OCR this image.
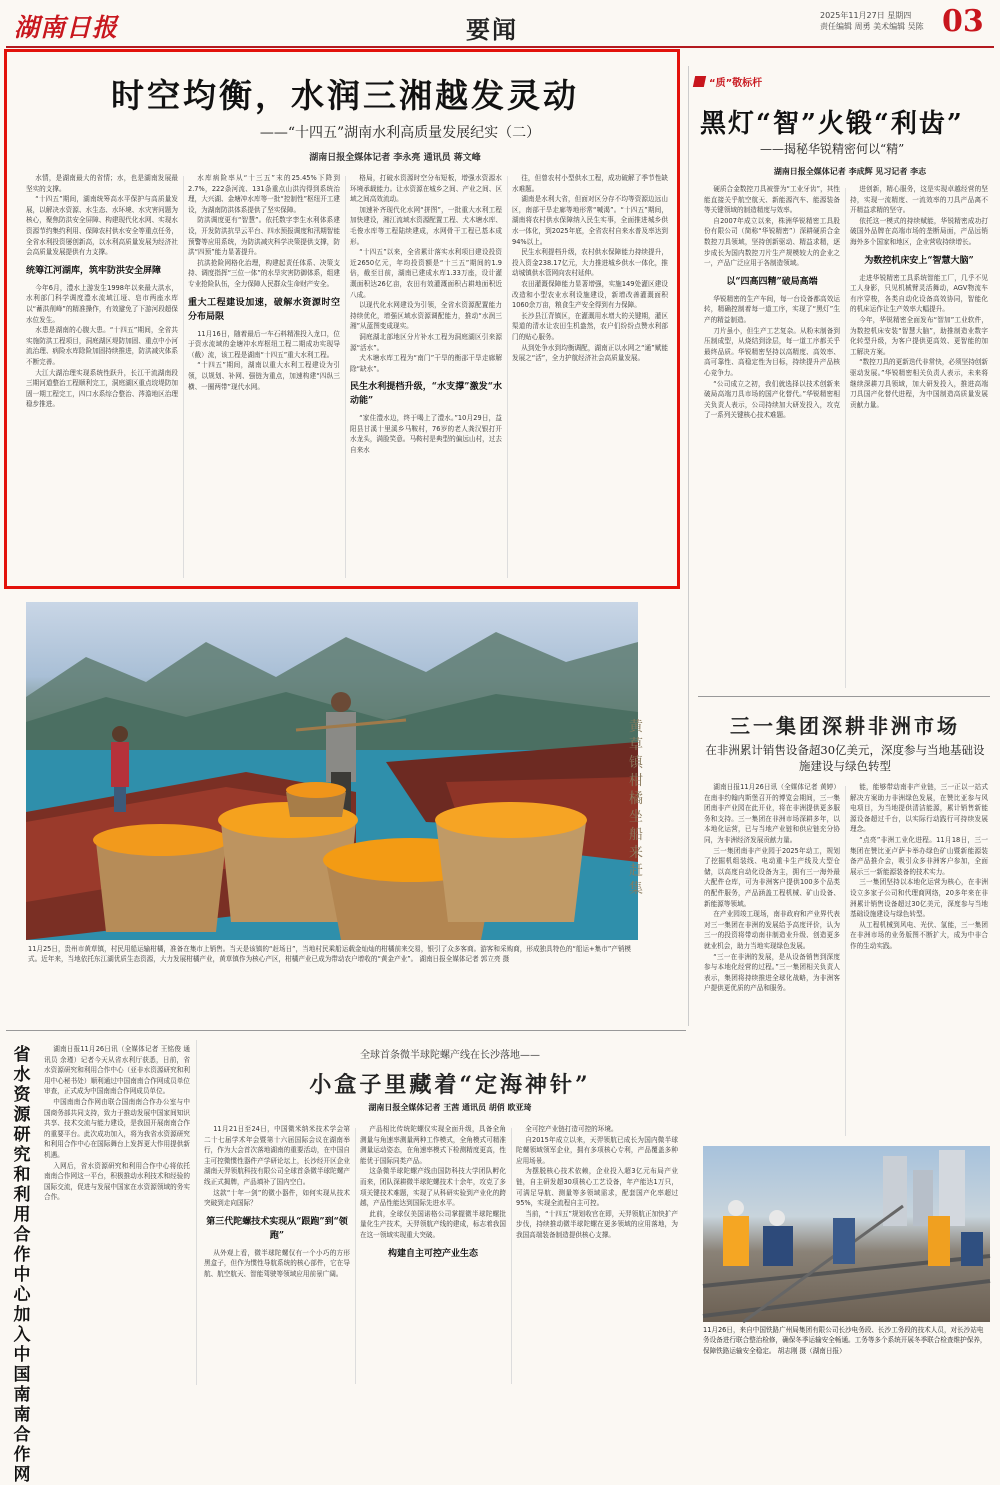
湖南日报	要闻	2025年11月27日 星期四
责任编辑 周勇 美术编辑 吴陈 03
时空均衡，水润三湘越发灵动
——“十四五”湖南水利高质量发展纪实（二）
湖南日报全媒体记者 李永亮 通讯员 蒋文峰

水情，是湖南最大的省情；水，也是湖南发展最坚实的支撑。

“十四五”期间，湖南统筹高水平保护与高质量发展，以解决水资源、水生态、水环境、水灾害问题为核心，聚焦防洪安全屏障、构建现代化水网、实现水资源节约集约利用、保障农村供水安全等重点任务，全省水利投资屡创新高，以水利高质量发展为经济社会高质量发展提供有力支撑。

统筹江河湖库，筑牢防洪安全屏障

今年6月，澧水上游发生1998年以来最大洪水，水利部门科学调度澧水流域江垭、皂市两座水库以“蓄洪削峰”的精准操作，有效避免了下游河段超保水位发生。

水患是湖南的心腹大患。“十四五”期间，全省共实施防洪工程项目，洞庭湖区堤防加固、重点中小河流治理、病险水库除险加固持续推进，防洪减灾体系不断完善。

大江大湖治理实现系统性跃升，长江干流湖南段三期河道整治工程顺利完工，洞庭湖区重点垸堤防加固一期工程完工，四口水系综合整治、涔澹地区治理稳步推进。

水库病险率从“十三五”末的25.45%下降到2.7%，222条河流、131条重点山洪沟得到系统治理，大兴湖、金塘冲水库等一批“控制性”枢纽开工建设，为湖南防洪体系提供了坚实保障。

防洪调度更有“智慧”。依托数字孪生水利体系建设，开发防洪抗旱云平台、四水预报调度和汛期智能预警等应用系统，为防洪减灾科学决策提供支撑，防洪“四预”能力显著提升。

抗洪抢险网格化治理，构建起责任体系、决策支持、调度指挥“三位一体”的水旱灾害防御体系，组建专业抢险队伍，全力保障人民群众生命财产安全。

重大工程建设加速，破解水资源时空分布局限

11月16日，随着最后一车石料精准投入龙口，位于资水流域的金塘冲水库枢纽工程二期成功实现导（截）流，该工程是湖南“十四五”重大水利工程。

“十四五”期间，湖南以重大水利工程建设为引领，以规划、补网、强链为重点，加速构建“四纵三横、一圈两带”现代水网。

格局，打破水资源时空分布短板，增强水资源水环境承载能力。让水资源在城乡之间、产业之间、区域之间高效流动。

加速补齐现代化水网“拼图”，一批重大水利工程加快建设，湘江流域水资源配置工程、犬木塘水库、毛俊水库等工程陆续建成，水网骨干工程已基本成形。

“十四五”以来，全省累计落实水利项目建设投资近2650亿元，年均投资额是“十三五”期间的1.9倍，截至目前，湖南已建成水库1.33万座，设计灌溉面积达26亿亩，农田有效灌溉面积占耕地面积近八成。

以现代化水网建设为引领，全省水资源配置能力持续优化，增强区域水资源调配能力，推动“水润三湘”从蓝图变成现实。

洞庭湖北部地区分片补水工程为洞庭湖区引来源源“活水”。

犬木塘水库工程为“南门”干旱的衡邵干旱走廊解除“缺水”。

民生水利提档升级，“水支撑”激发“水动能”

“家住澧水边，终于喝上了澧水。”10月29日，益阳县甘溪十里溪乡马鞍村，76岁的老人龚汉银打开水龙头，满脸笑意。马鞍村是典型的偏远山村，过去自来水

往，但曾农村小型供水工程，成功破解了季节性缺水难题。

湖南是水利大省，但面对区分存不均等资源边远山区，南部干旱走廊等地形常“喊渴”。“十四五”期间，湖南将农村供水保障纳入民生实事，全面推进城乡供水一体化，到2025年底，全省农村自来水普及率达到94%以上。

民生水利提档升级，农村供水保障能力持续提升，投入资金238.17亿元，大力推进城乡供水一体化，推动城镇供水管网向农村延伸。

农田灌溉保障能力显著增强，实施149处灌区建设改造和小型农业水利设施建设，新增改善灌溉面积1060余万亩，粮食生产安全得到有力保障。

长沙县江背镇区，在灌溉用水增大的关键期，灌区渠道的清水让农田生机盎然，农户们纷纷点赞水利部门的贴心服务。

从到处争水到均衡调配，湖南正以水网之“通”赋能发展之“活”，全力护航经济社会高质量发展。

“质”敬标杆
黑灯“智”火锻“利齿”
——揭秘华锐精密何以“精”
湖南日报全媒体记者 李成辉 见习记者 李志

硬质合金数控刀具被誉为“工业牙齿”，其性能直接关乎航空航天、新能源汽车、能源装备等关键领域的制造精度与效率。

自2007年成立以来，株洲华锐精密工具股份有限公司（简称“华锐精密”）深耕硬质合金数控刀具领域，坚持创新驱动、精益求精，逐步成长为国内数控刀片生产规模较大的企业之一，产品广泛应用于各制造领域。

以“四高四精”破局高端

华锐精密的生产车间，每一台设备都高效运转，精确控制着每一道工序，实现了“黑灯”生产的精益制造。

刀片虽小，但生产工艺复杂。从粉末制备到压制成型，从烧结到涂层，每一道工序都关乎最终品质。华锐精密坚持以高精度、高效率、高可靠性、高稳定性为目标，持续提升产品核心竞争力。

“公司成立之初，我们就选择以技术创新来破局高端刀具市场的国产化替代。”华锐精密相关负责人表示，公司持续加大研发投入，攻克了一系列关键核心技术难题。

进创新，精心服务，这是实现卓越经营的坚持，实现一流精度、一流效率的刀具产品离不开精益求精的坚守。

依托这一模式的持续赋能，华锐精密成功打破国外品牌在高端市场的垄断局面，产品远销海外多个国家和地区，企业营收持续增长。

为数控机床安上“智慧大脑”

走进华锐精密工具系统智能工厂，几乎不见工人身影，只见机械臂灵活舞动，AGV物流车有序穿梭，各类自动化设备高效协同，智能化的机床运作让生产效率大幅提升。

今年，华锐精密全面发布“智加”工业软件，为数控机床安装“智慧大脑”，助推制造业数字化转型升级，为客户提供更高效、更智能的加工解决方案。

“数控刀具的更新迭代非常快，必须坚持创新驱动发展。”华锐精密相关负责人表示，未来将继续深耕刀具领域，加大研发投入，推进高端刀具国产化替代进程，为中国制造高质量发展贡献力量。

黄草镇柑橘 坐船来赶集
11月25日，贵州市黄草镇，村民用船运输柑橘，准备在集市上销售。当天是该镇的“赶场日”，当地村民乘船运载金灿灿的柑橘前来交易，银引了众多客商。游客和采购商，形成独具特色的“船运+集市”产销模式。近年来，当地依托东江湖优质生态资源，大力发展柑橘产业，黄草镇作为核心产区，柑橘产业已成为带动农户增收的“黄金产业”。 湖南日报全媒体记者 郭立亮 摄
三一集团深耕非洲市场
在非洲累计销售设备超30亿美元，深度参与当地基础设施建设与绿色转型

湖南日报11月26日讯（全媒体记者 黄婷）在南非约翰内斯堡召开的博览会期间，三一集团南非产业园在此开业，将在非洲提供更多服务和支持。三一集团在非洲市场深耕多年，以本地化运营，已与当地产业链和供应链充分协同，为非洲经济发展贡献力量。

三一集团南非产业园于2025年动工，规划了挖掘机组装线、电动重卡生产线及大型仓储，以高度自动化设备为主，拥有三一海外最大配件仓库，可为非洲客户提供100多个品类的配件服务，产品涵盖工程机械、矿山设备、新能源等领域。

在产业园竣工现场，南非政府和产业界代表对三一集团在非洲的发展给予高度评价，认为三一的投资将带动南非制造业升级、创造更多就业机会，助力当地实现绿色发展。

“三一在非洲的发展，是从设备销售到深度参与本地化经营的过程。”三一集团相关负责人表示，集团将持续推进全球化战略，为非洲客户提供更优质的产品和服务。

能，能够带动南非产业链，三一正以一站式解决方案助力非洲绿色发展，在赞比亚参与风电项目，为当地提供清洁能源，累计销售新能源设备超过千台，以实际行动践行可持续发展理念。

“点亮”非洲工业化进程。11月18日，三一集团在赞比亚卢萨卡举办绿色矿山暨新能源装备产品推介会，吸引众多非洲客户参加，全面展示三一新能源装备的技术实力。

三一集团坚持以本地化运营为核心，在非洲设立多家子公司和代理商网络，20多年来在非洲累计销售设备超过30亿美元，深度参与当地基础设施建设与绿色转型。

从工程机械到风电、光伏、氢能，三一集团在非洲市场的业务版图不断扩大，成为中非合作的生动实践。

省水资源研究和利用合作中心加入中国南南合作网

湖南日报11月26日讯（全媒体记者 王铭俊 通讯员 余瑾）记者今天从省水利厅获悉，日前，省水资源研究和利用合作中心（亚非水资源研究和利用中心秘书处）顺利通过中国南南合作网成员单位审查，正式成为中国南南合作网成员单位。

中国南南合作网由联合国南南合作办公室与中国商务部共同支持，致力于推动发展中国家间知识共享、技术交流与能力建设，是我国开展南南合作的重要平台。此次成功加入，将为我省水资源研究和利用合作中心在国际舞台上发挥更大作用提供新机遇。

入网后，省水资源研究和利用合作中心将依托南南合作网这一平台，积极推动水利技术和经验的国际交流，促进与发展中国家在水资源领域的务实合作。

全球首条微半球陀螺产线在长沙落地——
小盒子里藏着“定海神针”
湖南日报全媒体记者 王茜 通讯员 胡俏 欧亚琦

11月21日至24日，中国微米纳米技术学会第二十七届学术年会暨第十六届国际会议在湖南举行，作为大会首次落地湖南的重要活动，在中国自主可控微惯性器件产学研论坛上，长沙经开区企业湖南天羿领航科技有限公司全球首条微半球陀螺产线正式揭牌，产品填补了国内空白。

这款“十年一剑”的微小器件，如何实现从技术突破到走向国际？

第三代陀螺技术实现从“跟跑”到“领跑”

从外观上看，微半球陀螺仅有一个小巧的方形黑盒子，但作为惯性导航系统的核心部件，它在导航、航空航天、智能驾驶等领域应用前景广阔。

产品相比传统陀螺仪实现全面升级，具备全角测量与角速率测量两种工作模式，全角模式可精准测量运动姿态，在角速率模式下检测精度更高，性能优于国际同类产品。

这条微半球陀螺产线由国防科技大学团队孵化而来，团队深耕微半球陀螺技术十余年，攻克了多项关键技术难题，实现了从科研实验到产业化的跨越，产品性能达到国际先进水平。

此前，全球仅美国诺格公司掌握微半球陀螺批量化生产技术，天羿领航产线的建成，标志着我国在这一领域实现重大突破。

构建自主可控产业生态

全可控产业链打造可控的环境。

自2015年成立以来，天羿领航已成长为国内微半球陀螺领域领军企业，拥有多项核心专利，产品覆盖多种应用场景。

为摆脱核心技术依赖，企业投入超3亿元布局产业链，自主研发超30项核心工艺设备，年产能达1万只，可满足导航、测量等多领域需求，配套国产化率超过95%，实现全流程自主可控。

当前，“十四五”规划收官在即，天羿领航正加快扩产步伐，持续推动微半球陀螺在更多领域的应用落地，为我国高端装备制造提供核心支撑。

11月26日，来自中国铁路广州局集团有限公司长沙电务段、长沙工务段的技术人员，对长沙站电务设备进行联合整治检修，确保冬季运输安全畅通。工务等多个系统开展冬季联合检查维护保养，保障铁路运输安全稳定。 胡志刚 摄（湖南日报）
